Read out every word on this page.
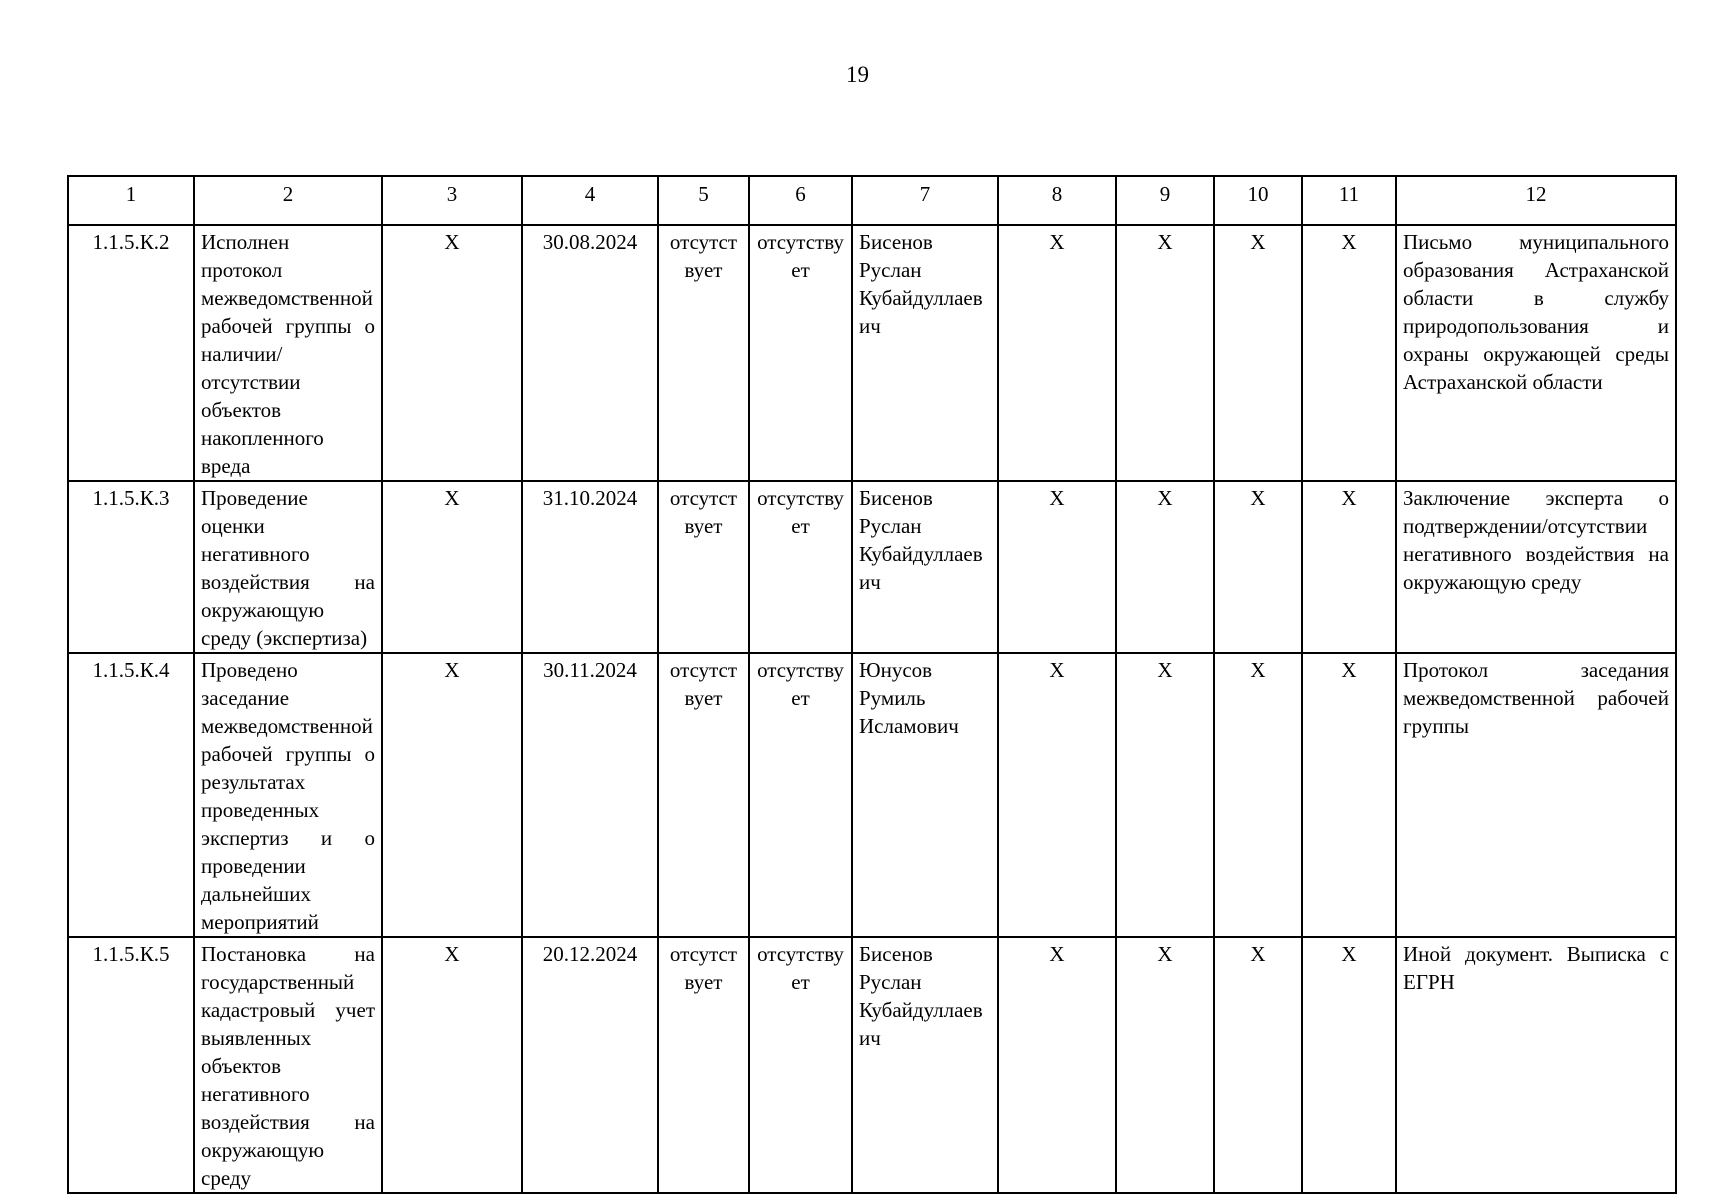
19
1	2	3	4	5	6	7	8	9	10	11	12
1.1.5.К.2	Исполнен протокол межведомственной рабочей группы о наличии/отсутствии объектов накопленного вреда	X	30.08.2024	отсутствует	отсутствует	Бисенов Руслан Кубайдуллаевич	X	X	X	X	Письмо муниципального образования Астраханской области в службу природопользования и охраны окружающей среды Астраханской области
1.1.5.К.3	Проведение оценки негативного воздействия на окружающую среду (экспертиза)	X	31.10.2024	отсутствует	отсутствует	Бисенов Руслан Кубайдуллаевич	X	X	X	X	Заключение эксперта о подтверждении/отсутствии негативного воздействия на окружающую среду
1.1.5.К.4	Проведено заседание межведомственной рабочей группы о результатах проведенных экспертиз и о проведении дальнейших мероприятий	X	30.11.2024	отсутствует	отсутствует	Юнусов Румиль Исламович	X	X	X	X	Протокол заседания межведомственной рабочей группы
1.1.5.К.5	Постановка на государственный кадастровый учет выявленных объектов негативного воздействия на окружающую среду	X	20.12.2024	отсутствует	отсутствует	Бисенов Руслан Кубайдуллаевич	X	X	X	X	Иной документ. Выписка с ЕГРН
